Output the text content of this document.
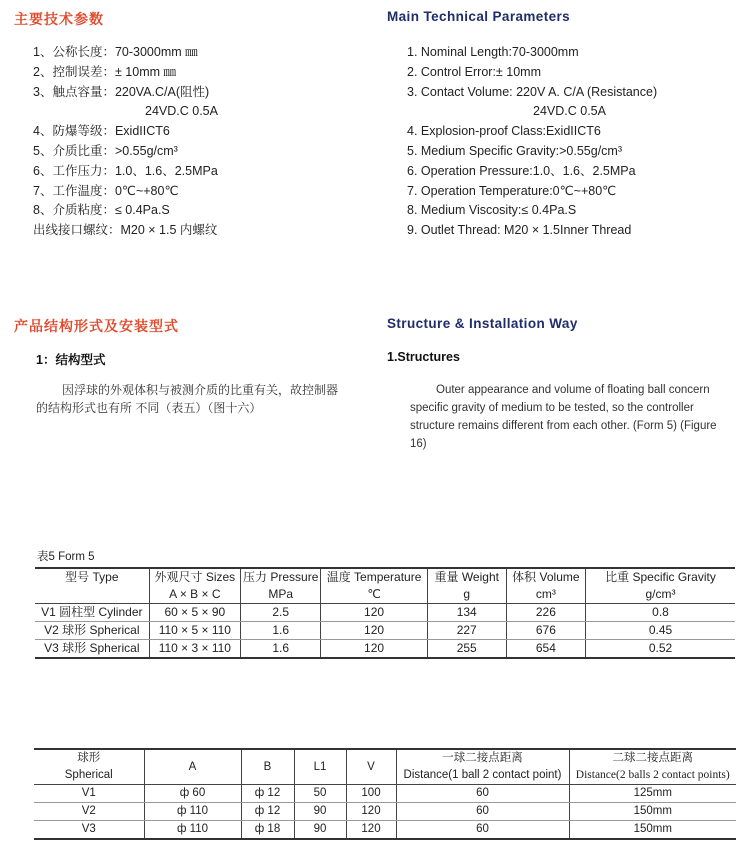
主要技术参数
1、公称长度：70-3000mm ㎜
2、控制误差：± 10mm ㎜
3、触点容量：220VA.C/A(阻性)
24VD.C 0.5A
4、防爆等级：ExidIICT6
5、介质比重：>0.55g/cm³
6、工作压力：1.0、1.6、2.5MPa
7、工作温度：0℃~+80℃
8、介质粘度：≤ 0.4Pa.S
出线接口螺纹：M20 × 1.5 内螺纹
Main Technical Parameters
1. Nominal Length:70-3000mm
2. Control Error:± 10mm
3. Contact Volume: 220V A. C/A (Resistance)
24VD.C 0.5A
4. Explosion-proof Class:ExidIICT6
5. Medium Specific Gravity:>0.55g/cm³
6. Operation Pressure:1.0、1.6、2.5MPa
7. Operation Temperature:0℃~+80℃
8. Medium Viscosity:≤ 0.4Pa.S
9. Outlet Thread: M20 × 1.5Inner Thread
产品结构形式及安装型式
1：结构型式
因浮球的外观体积与被测介质的比重有关，故控制器
的结构形式也有所 不同（表五）（图十六）
Structure & Installation Way
1.Structures
Outer appearance and volume of floating ball concern
specific gravity of medium to be tested, so the controller
structure remains different from each other. (Form 5) (Figure
16)
表5 Form 5
型号 Type	外观尺寸 Sizes	压力 Pressure	温度 Temperature	重量 Weight	体积 Volume	比重 Specific Gravity
	A × B × C	MPa	℃	g	cm³	g/cm³
V1 圆柱型 Cylinder	60 × 5 × 90	2.5	120	134	226	0.8
V2 球形 Spherical	110 × 5 × 110	1.6	120	227	676	0.45
V3 球形 Spherical	110 × 3 × 110	1.6	120	255	654	0.52
球形	A	B	L1	V	一球二接点距离	二球二接点距离
Spherical					Distance(1 ball 2 contact point)	Distance(2 balls 2 contact points)
V1	ф 60	ф 12	50	100	60	125mm
V2	ф 110	ф 12	90	120	60	150mm
V3	ф 110	ф 18	90	120	60	150mm
